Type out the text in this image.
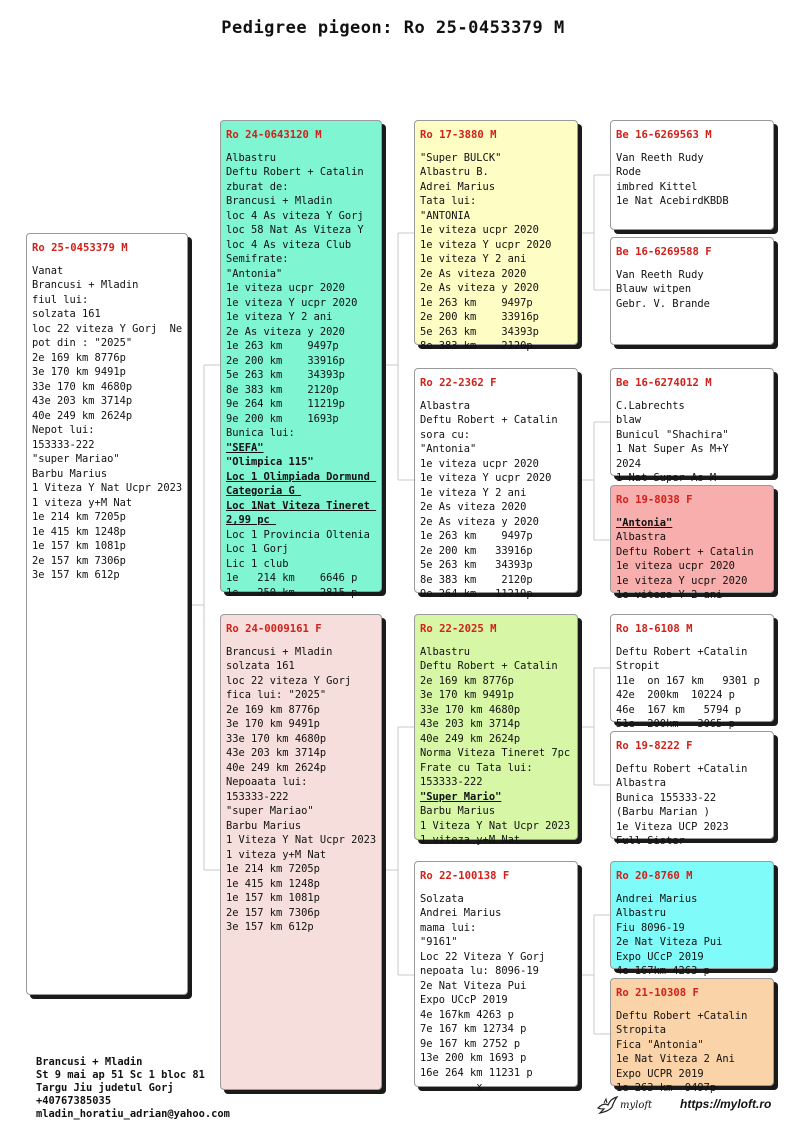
Pedigree pigeon: Ro 25-0453379 M
Ro 25-0453379 M
Vanat
Brancusi + Mladin
fiul lui:
solzata 161
loc 22 viteza Y Gorj  Ne
pot din : "2025"
2e 169 km 8776p
3e 170 km 9491p
33e 170 km 4680p
43e 203 km 3714p
40e 249 km 2624p
Nepot lui:
153333-222
"super Mariao"
Barbu Marius
1 Viteza Y Nat Ucpr 2023
1 viteza y+M Nat
1e 214 km 7205p
1e 415 km 1248p
1e 157 km 1081p
2e 157 km 7306p
3e 157 km 612p
Ro 24-0643120 M
Albastru
Deftu Robert + Catalin
zburat de:
Brancusi + Mladin
loc 4 As viteza Y Gorj
loc 58 Nat As Viteza Y
loc 4 As viteza Club
Semifrate:
"Antonia"
1e viteza ucpr 2020
1e viteza Y ucpr 2020
1e viteza Y 2 ani
2e As viteza y 2020
1e 263 km    9497p
2e 200 km    33916p
5e 263 km    34393p
8e 383 km    2120p
9e 264 km    11219p
9e 200 km    1693p
Bunica lui:
"SEFA"
"Olimpica 115"
Loc 1 Olimpiada Dormund
Categoria G
Loc 1Nat Viteza Tineret
2,99 pc
Loc 1 Provincia Oltenia
Loc 1 Gorj
Lic 1 club
1e   214 km    6646 p
1e   250 km    2815 p
Ro 24-0009161 F
Brancusi + Mladin
solzata 161
loc 22 viteza Y Gorj
fica lui: "2025"
2e 169 km 8776p
3e 170 km 9491p
33e 170 km 4680p
43e 203 km 3714p
40e 249 km 2624p
Nepoaata lui:
153333-222
"super Mariao"
Barbu Marius
1 Viteza Y Nat Ucpr 2023
1 viteza y+M Nat
1e 214 km 7205p
1e 415 km 1248p
1e 157 km 1081p
2e 157 km 7306p
3e 157 km 612p
Ro 17-3880 M
"Super BULCK"
Albastru B.
Adrei Marius
Tata lui:
"ANTONIA
1e viteza ucpr 2020
1e viteza Y ucpr 2020
1e viteza Y 2 ani
2e As viteza 2020
2e As viteza y 2020
1e 263 km    9497p
2e 200 km    33916p
5e 263 km    34393p
8e 383 km    2120p
Ro 22-2362 F
Albastra
Deftu Robert + Catalin
sora cu:
"Antonia"
1e viteza ucpr 2020
1e viteza Y ucpr 2020
1e viteza Y 2 ani
2e As viteza 2020
2e As viteza y 2020
1e 263 km    9497p
2e 200 km   33916p
5e 263 km   34393p
8e 383 km    2120p
9e 264 km   11219p
Ro 22-2025 M
Albastru
Deftu Robert + Catalin
2e 169 km 8776p
3e 170 km 9491p
33e 170 km 4680p
43e 203 km 3714p
40e 249 km 2624p
Norma Viteza Tineret 7pc
Frate cu Tata lui:
153333-222
"Super Mario"
Barbu Marius
1 Viteza Y Nat Ucpr 2023
1 viteza y+M Nat
Ro 22-100138 F
Solzata
Andrei Marius
mama lui:
"9161"
Loc 22 Viteza Y Gorj
nepoata lu: 8096-19
2e Nat Viteza Pui
Expo UCcP 2019
4e 167km 4263 p
7e 167 km 12734 p
9e 167 km 2752 p
13e 200 km 1693 p
16e 264 km 11231 p
x
Be 16-6269563 M
Van Reeth Rudy
Rode
imbred Kittel
1e Nat AcebirdKBDB
Be 16-6269588 F
Van Reeth Rudy
Blauw witpen
Gebr. V. Brande
Be 16-6274012 M
C.Labrechts
blaw
Bunicul "Shachira"
1 Nat Super As M+Y
2024
1 Nat Super As M
Ro 19-8038 F
"Antonia"
Albastra
Deftu Robert + Catalin
1e viteza ucpr 2020
1e viteza Y ucpr 2020
1e viteza Y 2 ani
Ro 18-6108 M
Deftu Robert +Catalin
Stropit
11e  on 167 km   9301 p
42e  200km  10224 p
46e  167 km   5794 p
51e  200km   3065 p
Ro 19-8222 F
Deftu Robert +Catalin
Albastra
Bunica 155333-22
(Barbu Marian )
1e Viteza UCP 2023
Full Sister
Ro 20-8760 M
Andrei Marius
Albastru
Fiu 8096-19
2e Nat Viteza Pui
Expo UCcP 2019
4e 167km 4263 p
Ro 21-10308 F
Deftu Robert +Catalin
Stropita
Fica "Antonia"
1e Nat Viteza 2 Ani
Expo UCPR 2019
1e 263 km  9497p
Brancusi + Mladin
St 9 mai ap 51 Sc 1 bloc 81
Targu Jiu judetul Gorj
+40767385035
mladin_horatiu_adrian@yahoo.com
myloft https://myloft.ro
